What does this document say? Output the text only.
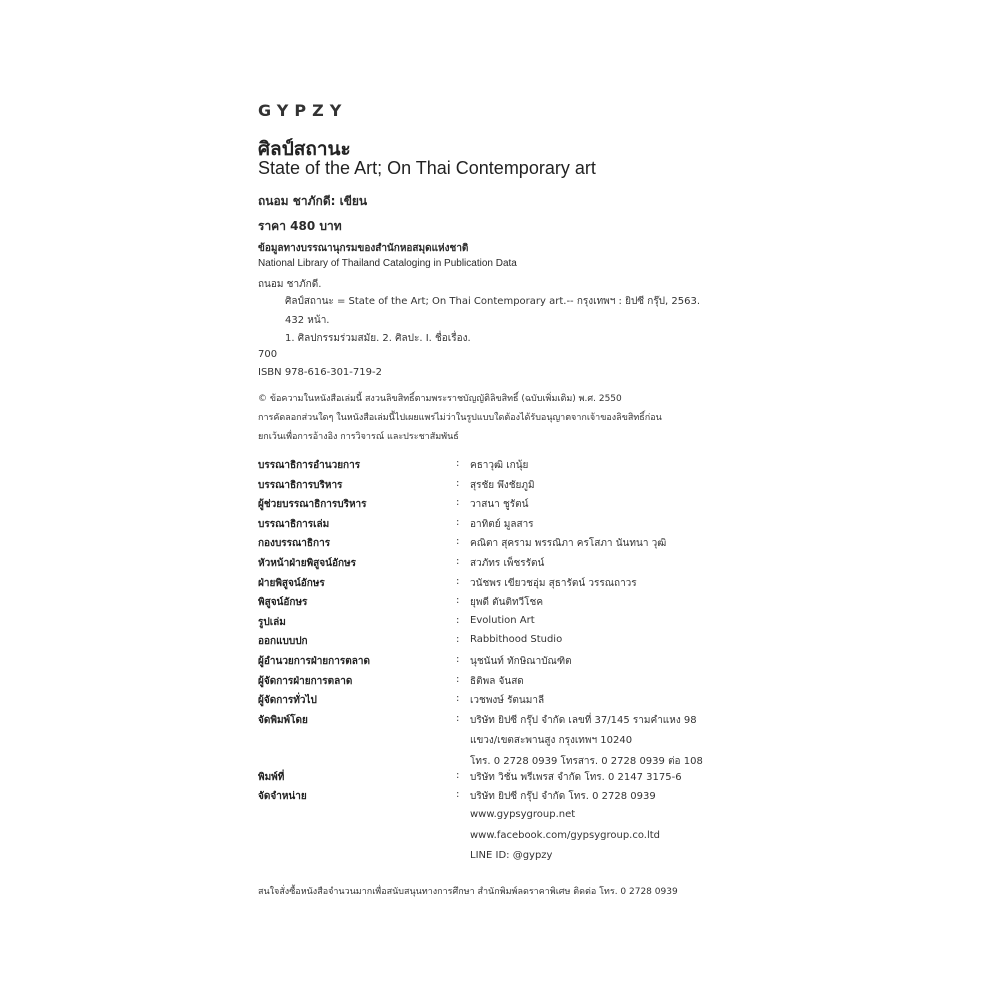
GYPZY
ศิลป์สถานะ
State of the Art; On Thai Contemporary art
ถนอม ชาภักดี: เขียน
ราคา 480 บาท
ข้อมูลทางบรรณานุกรมของสำนักหอสมุดแห่งชาติ
National Library of Thailand Cataloging in Publication Data
ถนอม ชาภักดี.
ศิลป์สถานะ = State of the Art; On Thai Contemporary art.-- กรุงเทพฯ : ยิปซี กรุ๊ป, 2563.
432 หน้า.
1. ศิลปกรรมร่วมสมัย. 2. ศิลปะ. I. ชื่อเรื่อง.
700
ISBN 978-616-301-719-2
© ข้อความในหนังสือเล่มนี้ สงวนลิขสิทธิ์ตามพระราชบัญญัติลิขสิทธิ์ (ฉบับเพิ่มเติม) พ.ศ. 2550
การคัดลอกส่วนใดๆ ในหนังสือเล่มนี้ไปเผยแพร่ไม่ว่าในรูปแบบใดต้องได้รับอนุญาตจากเจ้าของลิขสิทธิ์ก่อน
ยกเว้นเพื่อการอ้างอิง การวิจารณ์ และประชาสัมพันธ์
บรรณาธิการอำนวยการ	: คธาวุฒิ เกนุ้ย
บรรณาธิการบริหาร	: สุรชัย พึงชัยภูมิ
ผู้ช่วยบรรณาธิการบริหาร	: วาสนา ชูรัตน์
บรรณาธิการเล่ม	: อาทิตย์ มูลสาร
กองบรรณาธิการ	: คณิตา สุคราม พรรณิภา ครโสภา นันทนา วุฒิ
หัวหน้าฝ่ายพิสูจน์อักษร	: สวภัทร เพ็ชรรัตน์
ฝ่ายพิสูจน์อักษร	: วนัชพร เขียวชอุ่ม สุธารัตน์ วรรณถาวร
พิสูจน์อักษร	: ยุพดี ตันติทวีโชค
รูปเล่ม	: Evolution Art
ออกแบบปก	: Rabbithood Studio
ผู้อำนวยการฝ่ายการตลาด	: นุชนันท์ ทักษิณาบัณฑิต
ผู้จัดการฝ่ายการตลาด	: ธิติพล จันสด
ผู้จัดการทั่วไป	: เวชพงษ์ รัตนมาลี
จัดพิมพ์โดย	: บริษัท ยิปซี กรุ๊ป จำกัด เลขที่ 37/145 รามคำแหง 98
แขวง/เขตสะพานสูง กรุงเทพฯ 10240
โทร. 0 2728 0939 โทรสาร. 0 2728 0939 ต่อ 108
พิมพ์ที่	: บริษัท วิชั่น พรีเพรส จำกัด โทร. 0 2147 3175-6
จัดจำหน่าย	: บริษัท ยิปซี กรุ๊ป จำกัด โทร. 0 2728 0939
www.gypsygroup.net
www.facebook.com/gypsygroup.co.ltd
LINE ID: @gypzy
สนใจสั่งซื้อหนังสือจำนวนมากเพื่อสนับสนุนทางการศึกษา สำนักพิมพ์ลดราคาพิเศษ ติดต่อ โทร. 0 2728 0939
